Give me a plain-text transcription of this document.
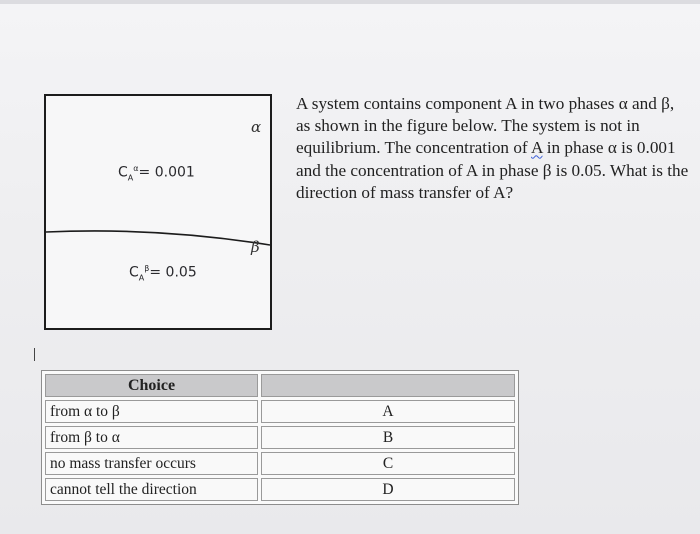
α
β
$C_A^\alpha= 0.001$
$C_A^\beta= 0.05$
A system contains component A in two phases α and β, as shown in the figure below. The system is not in equilibrium. The concentration of A in phase α is 0.001 and the concentration of A in phase β is 0.05. What is the direction of mass transfer of A?
Choice	
from α to β	A
from β to α	B
no mass transfer occurs	C
cannot tell the direction	D
